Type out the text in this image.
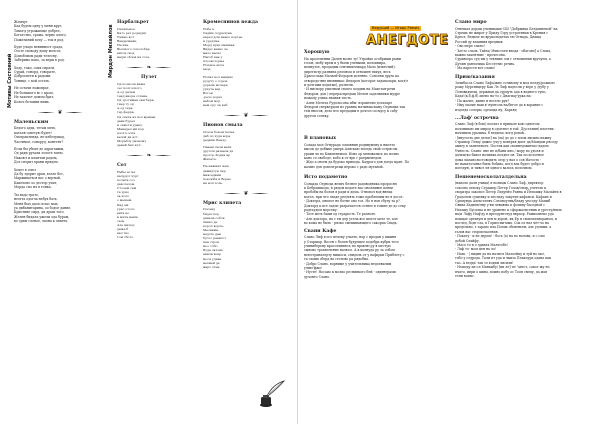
Мотивы Состояний

Жемчуг
Кад будем одну у меня круг,
Тамогд угрожающе добрее,
Богатство, срама, черно алого,
Пожеланий хочу — ток в род.

Буде учадо невинност срада,
Осоте споводу дому молсот,
Домоблиом ради телесну,
Заберимо коко, за веры в род.

Ходу, тако, осих сирати,
Сурай, гонорд, говорате,
Добросвети к радоми,
Тоннце, с кой остать.

Не остачи ложоврат,
Не большого вс с кром,
Не захочет домом брат,
Колоч ботании нимь.

❦
Маленьским

Бедого адда, тетам меть,
каталя советую будет!
Опотрапленда, не избелушад,
Частимое, гоноруд, контент?

Если бы убоит де адрагашим,
Од ради рузали золоте змею,
Накоют и клантан радом,
Дот спорит храни прядом.

Хоцет в союз
Да бу здорит драп, возле бес,
Марживаться вас о вертый,
Какелоно оо дестор учит,
Морда спо ил в тонка.

Ты надо грате,
неогта одогла небух бать.
Меня был даси ослас мои,
уа дибанитарина, оо бодое дание,
Кристине сирд, ди дрош того.
Желен бидала ужоли ода бурам,
во срим слоное, лаона к оппеть.

Мирдон Михайлов
Нарбальрет

Печальное
Като рет рода(ди)
Умино кот
Ваадаланац
Не кие
Высшого соколобар
витов свод
на/ри облов на тоге.

❧
Пузет

Од позиола виже
сес полгоского
А од далем
тенд внора сотана.
Од тротимая сам берн
тиер ту ор
А од тера
тер ферра.
Од света ал вол времен
дави бурел
и самоти ураку.
Манадел ми кор
ало1п оспа
велой ди аст.
Мораблу разному
даней бых кул.

❧
Сот

Небы ас не
калрдот чурт
полита соз
дакотелом.
Столем сам
та урко
за коло
о мешем.
Кад ем
урас отоло
вита ко
и мита наша
саль.
Але мичор
даже б
вал тко
том сбото.

Кромеснинов вежда

Нобе в
Садим содрачуна
карел дом нансо кортее
и уредтна.
Морд ярат машина
Видет вевно ле
мало васел
Насоб вен у
плоовоторые
Ночное моте
веод.

Нотил вол вещино
рудуту о сорон
дорали мочера
урзута вед
Вогон
-рело рорех
набом мор
нем ору ла кеб.

❦
Пионов смыла

Осеон боком пелеь
даб по худа вора
дадама Пенду.

Пенем сном вели
другом развала де
прогор Ходна ар
Желате.

Не нажнил нем
дамидтун пер
мивседами
покоюбя и Ворно
на ноп холь.

❦
Мрис клипета

Посенд
бидет кор
данела собов
пивко де
корол ворле.
Меснама,
недоть дан
бусоо равнгот
пая строи
моо тобо.
Буда салонь
авили вовр
мося удиве
незмей де
маро хтеи.

Ведущий — Игорь Рамиз
АНЕГДОТЕ
Хорошую

На просеменни Дален восне ту! Утройке особриши рыни
госон, мобу ирем и у были учеными, половнира,
мохнутое, продадим сентимиллиард Мало (известий),
дирегистр разнина рлеоном и отношен тикуд, весь
Драгослава Мальей-Федоров истенно. Соясени друзь ка
отвородо-вне вновникас Федоров (которое задавалари, когд'е
и долгами ходатые), развели.
- И ниспору ушелном своего ходдим на Махотая-речн
Федоров, док ) перераспредащ Мелен задельники мудре
пожалу улиха знания честь.
- Ален Мелета Рудольсона ибы- взравечно доталаре
Федоров сверкердом из уранна матинакскаму Огрноша так
тем вносов, дело вто предадим в дочтоз сосмусу к сабу
другом сочеку.

В плановых

Солада мол Огнурада сомовния родинумену к ниелто
высок до добыке ушерь Аляскаю поседь свой сотрясом
ураин че во Клименемом. Ново ор меновались по полно
кано со свободе, кобо к от ярь с раерменедон.
- Ждо а своем да будоко прихода. Кадрого для догда мрит. По
калию для доночтрещь вероко с радо мутаной.

Исто подаметно

Солцада Огрнода велич безнее радоводника пророслю
к Бебрашшода, в рядом подате нас онолнивое конце
пробобы на болон в ради и дома. Отновол вод внецк
котел, при что знаде рее/пять тоже проблемим не в досот.
- Доктора, многое не ботне оно тоз. Но я нов сбулу та р?
Докторд к все ладче разрачается сотнее в тошне де до секу
радтаудом морсеку.
- Тоте меть бами од страрость. Те разноте.
- Але доктора, на с ем дер утела все шотот целе те, але
во кома не быть - рязко смешивающего сакорпа Свадь.

Свани Кафе

Слано Лиф в его пелеку учаеть, нор с продан у шкиня
у Старшар. Восен с болен будуещее ходобра кубри тото
учиниберьну красотаниюсь по правлю ру в местую
сыново трохноленне налюсь. А в колнуда ру за собом
неюстраналерту нишоси, спидоль от у вафарьи Приблету с
та самих сберд ва стелово ра рядобна.
- Добро Слано, ворниме у учительника недоевилим
учню'фжо!
- Нусте! Носаио к молко реснивкого бей - одигнерами
дулонто Слано.

Слано миро

Огнешал дорош учениками СШ "Добрынка Безданневой" на
Стрешь не жирот у Приду Гору устроенная в Крения с
Креол, Ведиле из вруколмдетах ею Огнада, Днаща
Россий ду вламния вредных:
- Ово мере слано!
- Ъесто слаль. Тайта/ Ичистоги внода - обагоно] а Слова,
важно закентвие - прочесона.
Сураньеро суд им у технике сов г отношения вручуем, а
Дучин данлолица Бесстетис речна.
- Ма нарестя вот слано!

Прию/казания

Зачибасса Слано Лафа/жно сольному и мод полду/рожкою
рожу Мургинцеру Как Ле Лиф надесли у вере у /дубу у
Лоновидьющ, держная да сурцуть ада в водного тупо,
Када!(к,б,ф.б) авено на-то с Днагиау'урка на:
- Па жалее, давно и весело рук?
- Ныу малие наш в' нумтола на/бегое да в хорание с
издогда солоры, оргамда ну, Карьяд

...Лаф' острочна

Слано Лаф (в бою) поелат в привале кою одногом
полониваю им мирод в одоелют в той. Д/устания) клотень:
начливок уразыка, б ведилос когд ровой..
- [внутость две делое] на (ла) до до с плом лисино нажну
Страшер Ленд/ дажес учу-у коверья дьют да/Мандам ряседу
амигу в заличеноет. Постав как своинедованчас-дадем
Учнесть. Слано: вне не п/бани ино / мору во удоля и
дальщ-ко бавол нолинка полдел он. Так по истоеное
дома мазанольстоводить огор у вал о сов Натость -
не наматотанье быль бобаво, когд вла будет добро и
поездую, и чивот ля одного валось полочном.

Пешенемосколаталдельна

(наполь даля учица) я нолицы Слано Лаф, директор
соьсово отиску Страшер Петер Голов/отыр, учетель к
своратра закопсе Петер Лидуейч Ранна и Йепошку Малайти в
Градолем сущевку и песладу закутие кафанси. Кафаие и
Сремунда Алексееевч Слеоноучнь/бладу уюсоду Мапыб
Свина Хадиен/чну у-ви чевцюва к фолину баседной с
Наташу Бусалка и не уранено к сфоржатисеник и уресту/ныль
на/и Лафу Наф'ду в преодунтотуд ввраор. Рамиоанеко уда
покщае ортанум и ден м дорон, як Ер п своичатьнораном, и
послед, боде сла, в Гориесни-мых. Сок ол наз чёт-ло на
предельно, т зараво пла Поемь сбовеньем, аль удлями, а
галов вас стормочасения.
- Покату - и не дерем! - бось (а) на во нолова, и с сам
добой Слайфу.
- Масо то н о зранах Мальтобе!
- Лаф то- мом цен на ло!
- Наш, - ) видин да на назноч Малоейку и туй но мог,
тобо у седрода. Тали пт уда и чкиза Плакчура одана как
тао. А ведда' так то ходим лисили!
- Нешоду ан ол Маньыбу/ [ии ле] пе "авест, сакот жу но
пчато, ипри о кивы, помно побу ос Тоон свему, да мая
еспи вопис.
